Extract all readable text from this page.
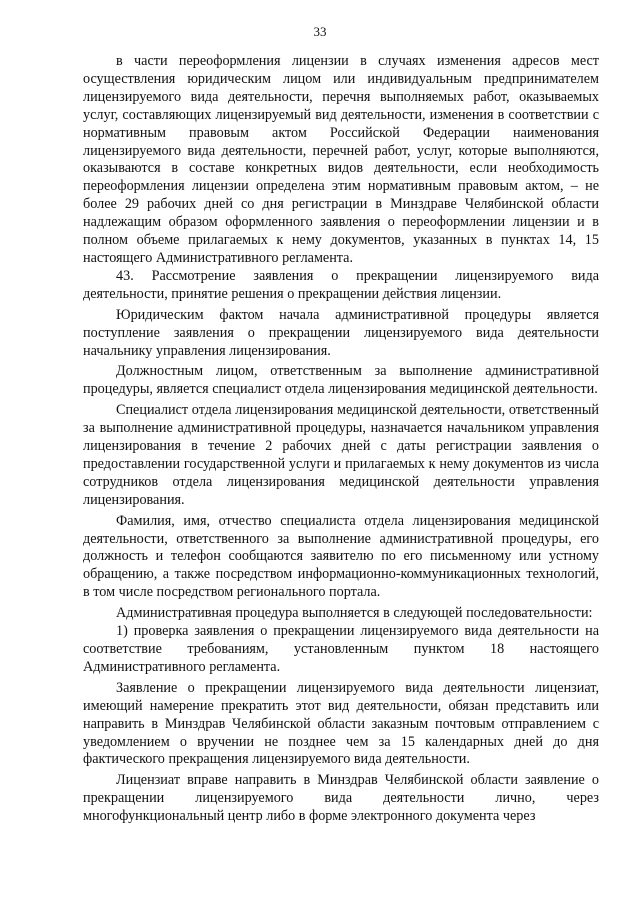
33

в части переоформления лицензии в случаях изменения адресов мест осуществления юридическим лицом или индивидуальным предпринимателем лицензируемого вида деятельности, перечня выполняемых работ, оказываемых услуг, составляющих лицензируемый вид деятельности, изменения в соответствии с нормативным правовым актом Российской Федерации наименования лицензируемого вида деятельности, перечней работ, услуг, которые выполняются, оказываются в составе конкретных видов деятельности, если необходимость переоформления лицензии определена этим нормативным правовым актом, – не более 29 рабочих дней со дня регистрации в Минздраве Челябинской области надлежащим образом оформленного заявления о переоформлении лицензии и в полном объеме прилагаемых к нему документов, указанных в пунктах 14, 15 настоящего Административного регламента.

43. Рассмотрение заявления о прекращении лицензируемого вида деятельности, принятие решения о прекращении действия лицензии.

Юридическим фактом начала административной процедуры является поступление заявления о прекращении лицензируемого вида деятельности начальнику управления лицензирования.

Должностным лицом, ответственным за выполнение административной процедуры, является специалист отдела лицензирования медицинской деятельности.

Специалист отдела лицензирования медицинской деятельности, ответственный за выполнение административной процедуры, назначается начальником управления лицензирования в течение 2 рабочих дней с даты регистрации заявления о предоставлении государственной услуги и прилагаемых к нему документов из числа сотрудников отдела лицензирования медицинской деятельности управления лицензирования.

Фамилия, имя, отчество специалиста отдела лицензирования медицинской деятельности, ответственного за выполнение административной процедуры, его должность и телефон сообщаются заявителю по его письменному или устному обращению, а также посредством информационно-коммуникационных технологий, в том числе посредством регионального портала.

Административная процедура выполняется в следующей последовательности:

1) проверка заявления о прекращении лицензируемого вида деятельности на соответствие требованиям, установленным пунктом 18 настоящего Административного регламента.

Заявление о прекращении лицензируемого вида деятельности лицензиат, имеющий намерение прекратить этот вид деятельности, обязан представить или направить в Минздрав Челябинской области заказным почтовым отправлением с уведомлением о вручении не позднее чем за 15 календарных дней до дня фактического прекращения лицензируемого вида деятельности.

Лицензиат вправе направить в Минздрав Челябинской области заявление о прекращении лицензируемого вида деятельности лично, через многофункциональный центр либо в форме электронного документа через
